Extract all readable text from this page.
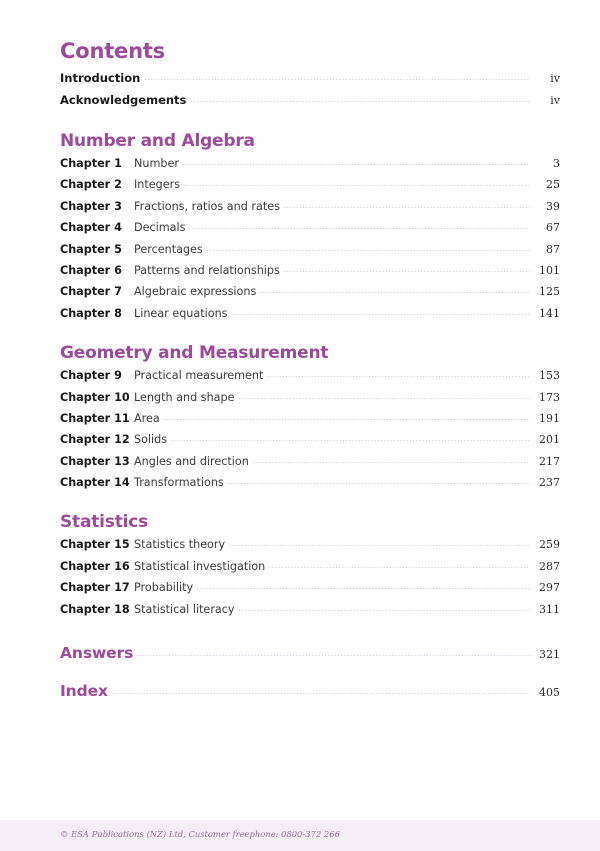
Contents
Introduction	iv
Acknowledgements	iv
Number and Algebra
Chapter 1	Number	3
Chapter 2	Integers	25
Chapter 3	Fractions, ratios and rates	39
Chapter 4	Decimals	67
Chapter 5	Percentages	87
Chapter 6	Patterns and relationships	101
Chapter 7	Algebraic expressions	125
Chapter 8	Linear equations	141
Geometry and Measurement
Chapter 9	Practical measurement	153
Chapter 10 Length and shape	173
Chapter 11 Area	191
Chapter 12 Solids	201
Chapter 13 Angles and direction	217
Chapter 14 Transformations	237
Statistics
Chapter 15 Statistics theory	259
Chapter 16 Statistical investigation	287
Chapter 17 Probability	297
Chapter 18 Statistical literacy	311
Answers	321
Index	405
© ESA Publications (NZ) Ltd, Customer freephone: 0800-372 266
